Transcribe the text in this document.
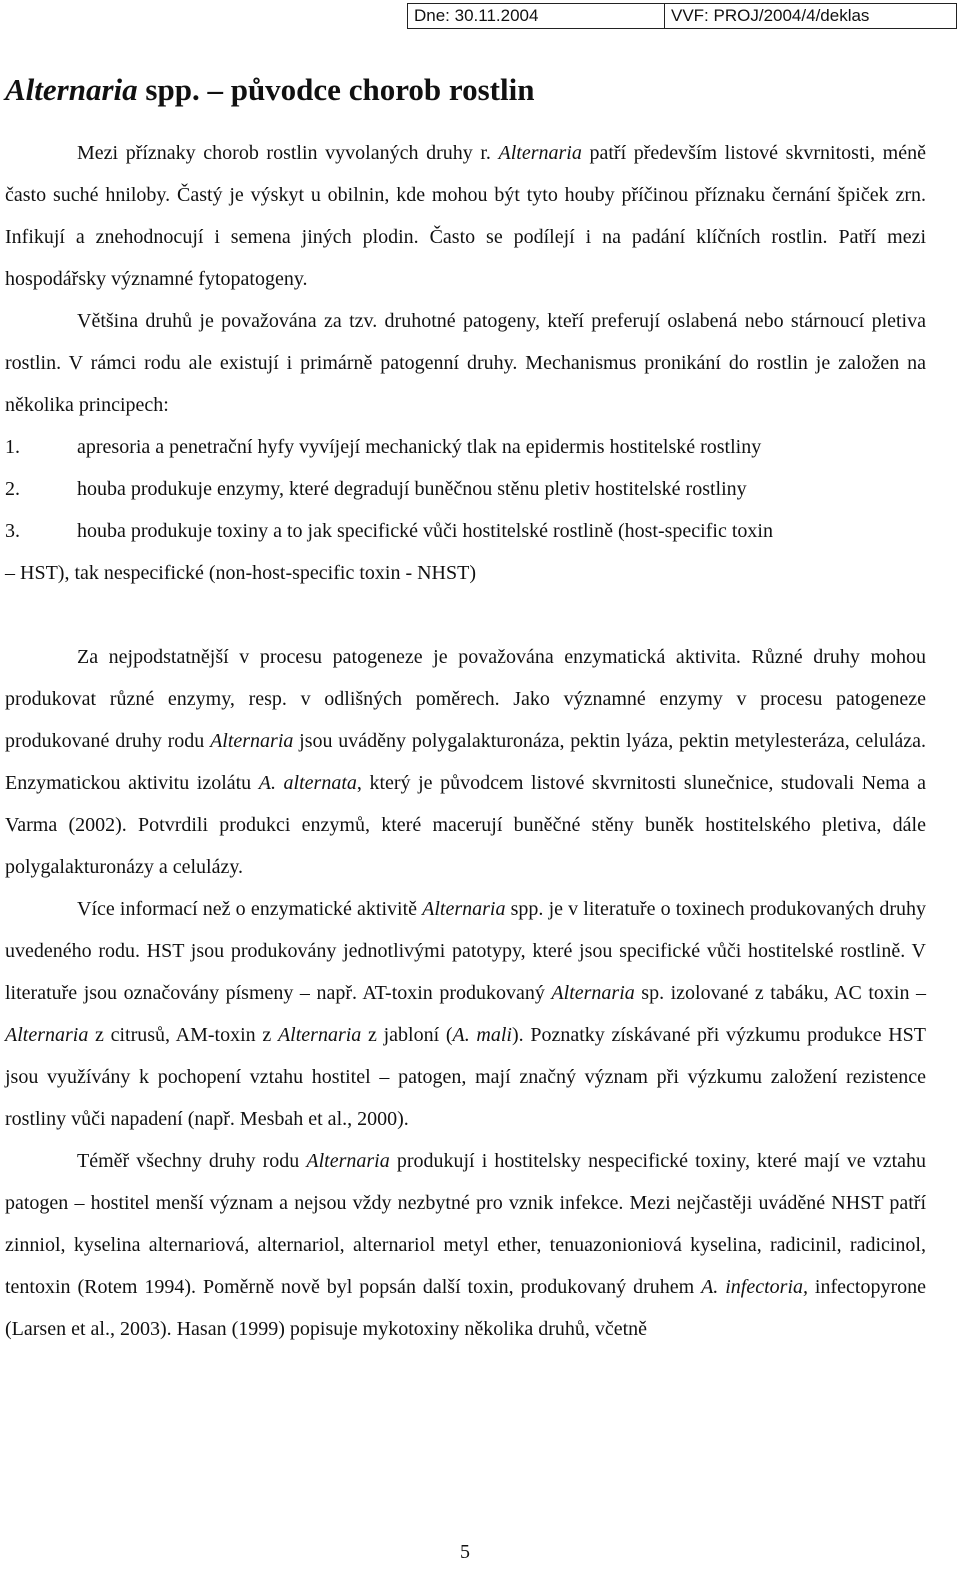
Dne: 30.11.2004	VVF: PROJ/2004/4/deklas
Alternaria spp. – původce chorob rostlin

Mezi příznaky chorob rostlin vyvolaných druhy r. Alternaria patří především listové skvrnitosti, méně často suché hniloby. Častý je výskyt u obilnin, kde mohou být tyto houby příčinou příznaku černání špiček zrn. Infikují a znehodnocují i semena jiných plodin. Často se podílejí i na padání klíčních rostlin. Patří mezi hospodářsky významné fytopatogeny.

Většina druhů je považována za tzv. druhotné patogeny, kteří preferují oslabená nebo stárnoucí pletiva rostlin. V rámci rodu ale existují i primárně patogenní druhy. Mechanismus pronikání do rostlin je založen na několika principech:

1.	apresoria a penetrační hyfy vyvíjejí mechanický tlak na epidermis hostitelské rostliny
2.	houba produkuje enzymy, které degradují buněčnou stěnu pletiv hostitelské rostliny
3.	houba produkuje toxiny a to jak specifické vůči hostitelské rostlině (host-specific toxin

– HST), tak nespecifické (non-host-specific toxin - NHST)

Za nejpodstatnější v procesu patogeneze je považována enzymatická aktivita. Různé druhy mohou produkovat různé enzymy, resp. v odlišných poměrech. Jako významné enzymy v procesu patogeneze produkované druhy rodu Alternaria jsou uváděny polygalakturonáza, pektin lyáza, pektin metylesteráza, celuláza. Enzymatickou aktivitu izolátu A. alternata, který je původcem listové skvrnitosti slunečnice, studovali Nema a Varma (2002). Potvrdili produkci enzymů, které macerují buněčné stěny buněk hostitelského pletiva, dále polygalakturonázy a celulázy.

Více informací než o enzymatické aktivitě Alternaria spp. je v literatuře o toxinech produkovaných druhy uvedeného rodu. HST jsou produkovány jednotlivými patotypy, které jsou specifické vůči hostitelské rostlině. V literatuře jsou označovány písmeny – např. AT-toxin produkovaný Alternaria sp. izolované z tabáku, AC toxin – Alternaria z citrusů, AM-toxin z Alternaria z jabloní (A. mali). Poznatky získávané při výzkumu produkce HST jsou využívány k pochopení vztahu hostitel – patogen, mají značný význam při výzkumu založení rezistence rostliny vůči napadení (např. Mesbah et al., 2000).

Téměř všechny druhy rodu Alternaria produkují i hostitelsky nespecifické toxiny, které mají ve vztahu patogen – hostitel menší význam a nejsou vždy nezbytné pro vznik infekce. Mezi nejčastěji uváděné NHST patří zinniol, kyselina alternariová, alternariol, alternariol metyl ether, tenuazonioniová kyselina, radicinil, radicinol, tentoxin (Rotem 1994). Poměrně nově byl popsán další toxin, produkovaný druhem A. infectoria, infectopyrone (Larsen et al., 2003). Hasan (1999) popisuje mykotoxiny několika druhů, včetně

5
